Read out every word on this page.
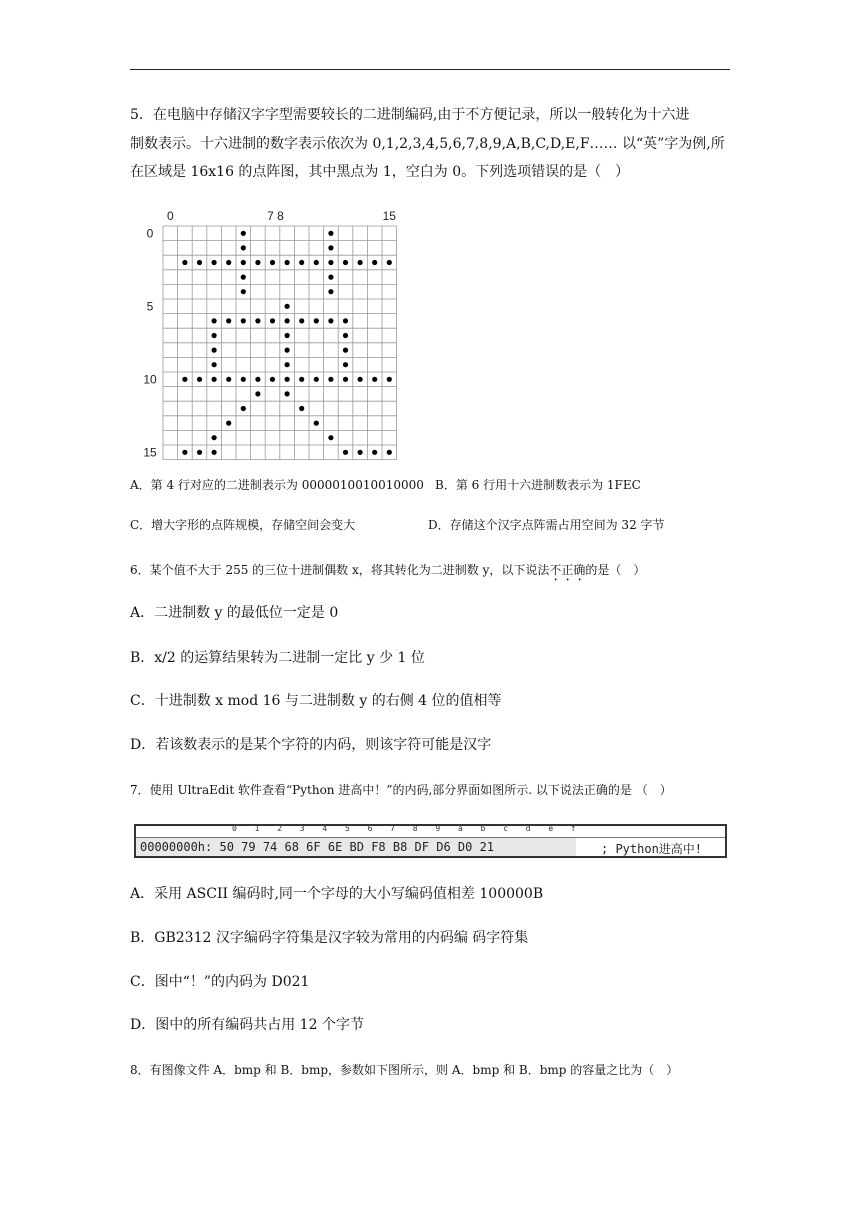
5．在电脑中存储汉字字型需要较长的二进制编码,由于不方便记录，所以一般转化为十六进
制数表示。十六进制的数字表示依次为 0,1,2,3,4,5,6,7,8,9,A,B,C,D,E,F…… 以“英”字为例,所
在区域是 16x16 的点阵图，其中黑点为 1，空白为 0。下列选项错误的是（　）
0	7 8	15
0
5
10
15
A．第 4 行对应的二进制表示为 0000010010010000 B．第 6 行用十六进制数表示为 1FEC
C．增大字形的点阵规模，存储空间会变大	D．存储这个汉字点阵需占用空间为 32 字节
6．某个值不大于 255 的三位十进制偶数 x，将其转化为二进制数 y，以下说法不正确的是（　）
A．二进制数 y 的最低位一定是 0
B．x/2 的运算结果转为二进制一定比 y 少 1 位
C．十进制数 x mod 16 与二进制数 y 的右侧 4 位的值相等
D．若该数表示的是某个字符的内码，则该字符可能是汉字
7．使用 UltraEdit 软件查看“Python 进高中！”的内码,部分界面如图所示. 以下说法正确的是 （　）
0 1 2 3 4 5 6 7 8 9 a b c d e f
00000000h: 50 79 74 68 6F 6E BD F8 B8 DF D6 D0 21	; Python进高中!
A．采用 ASCII 编码时,同一个字母的大小写编码值相差 100000B
B．GB2312 汉字编码字符集是汉字较为常用的内码编 码字符集
C．图中“！”的内码为 D021
D．图中的所有编码共占用 12 个字节
8．有图像文件 A．bmp 和 B．bmp，参数如下图所示，则 A．bmp 和 B．bmp 的容量之比为（　）
